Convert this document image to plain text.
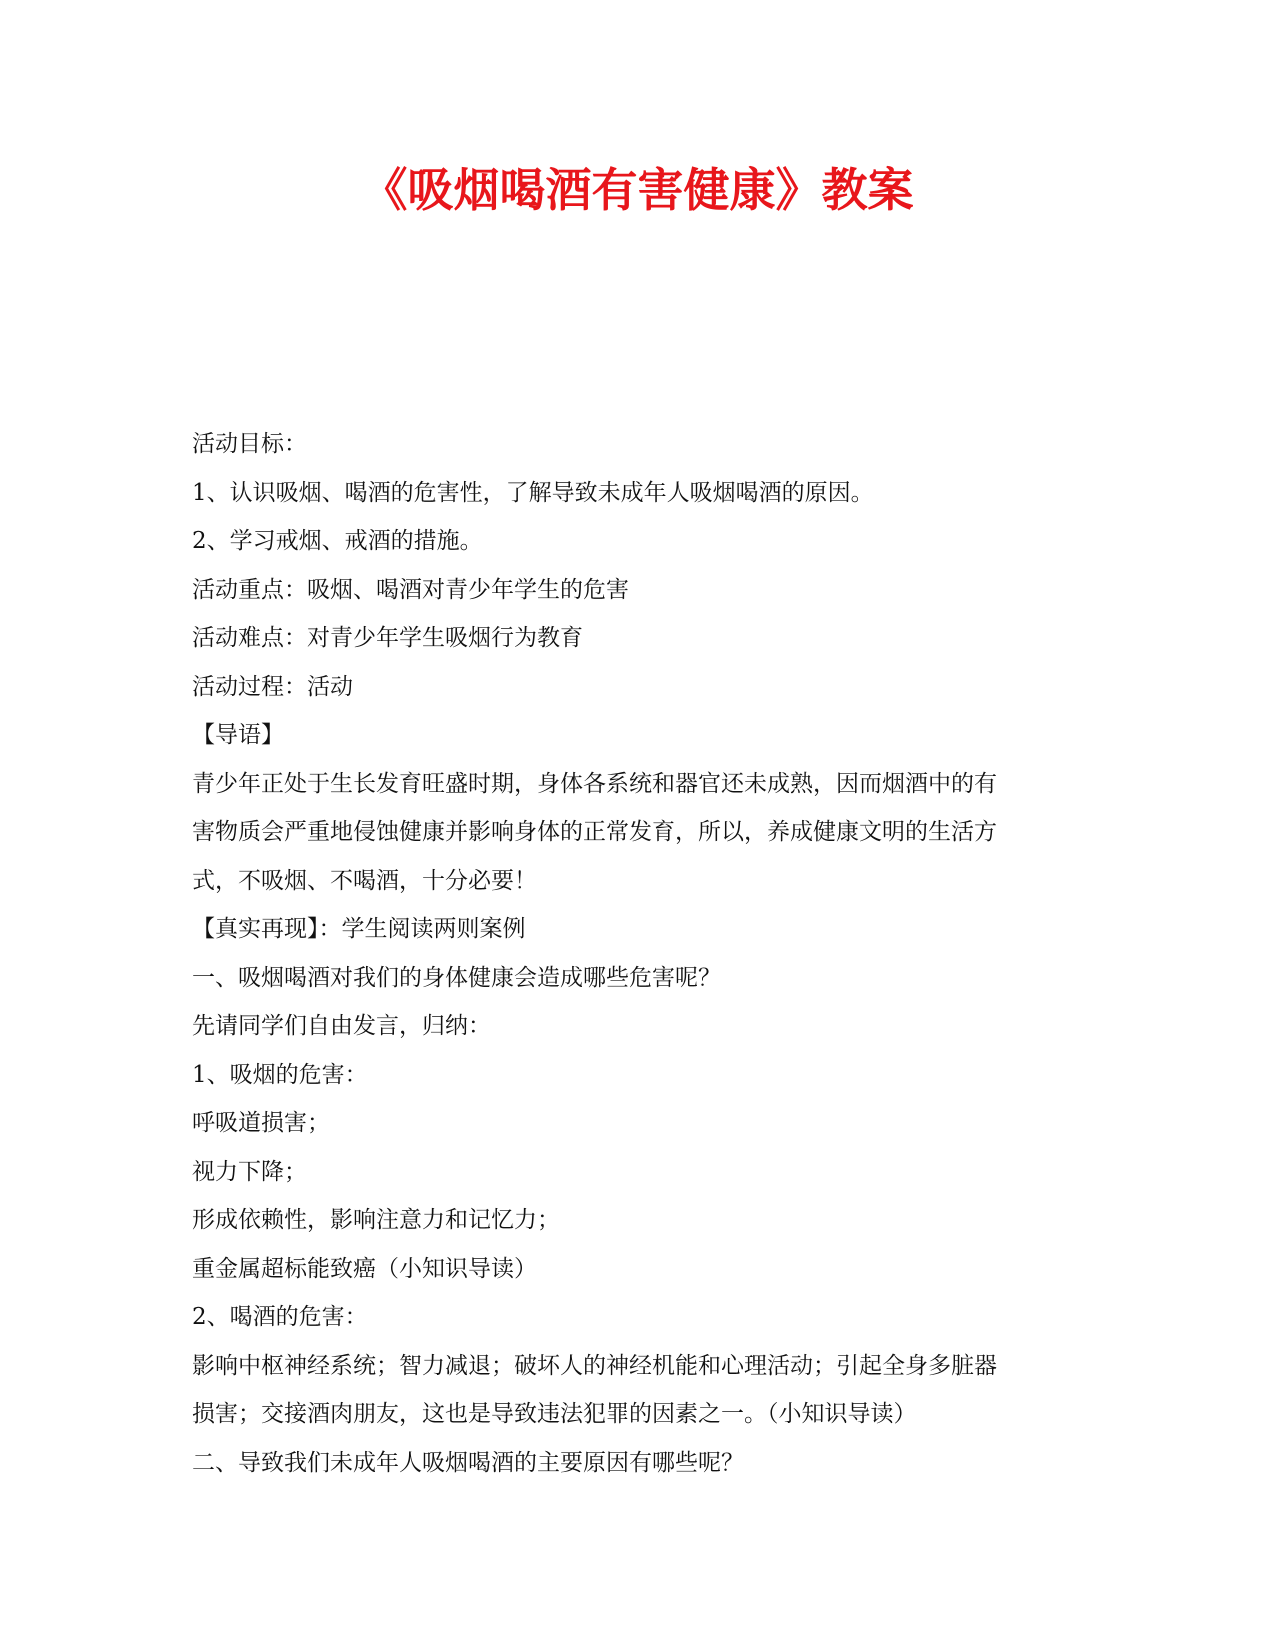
《吸烟喝酒有害健康》教案

活动目标：

1、认识吸烟、喝酒的危害性，了解导致未成年人吸烟喝酒的原因。

2、学习戒烟、戒酒的措施。

活动重点：吸烟、喝酒对青少年学生的危害

活动难点：对青少年学生吸烟行为教育

活动过程：活动

【导语】

青少年正处于生长发育旺盛时期，身体各系统和器官还未成熟，因而烟酒中的有

害物质会严重地侵蚀健康并影响身体的正常发育，所以，养成健康文明的生活方

式，不吸烟、不喝酒，十分必要！

【真实再现】：学生阅读两则案例

一、吸烟喝酒对我们的身体健康会造成哪些危害呢？

先请同学们自由发言，归纳：

1、吸烟的危害：

呼吸道损害；

视力下降；

形成依赖性，影响注意力和记忆力；

重金属超标能致癌（小知识导读）

2、喝酒的危害：

影响中枢神经系统；智力减退；破坏人的神经机能和心理活动；引起全身多脏器

损害；交接酒肉朋友，这也是导致违法犯罪的因素之一。（小知识导读）

二、导致我们未成年人吸烟喝酒的主要原因有哪些呢？
